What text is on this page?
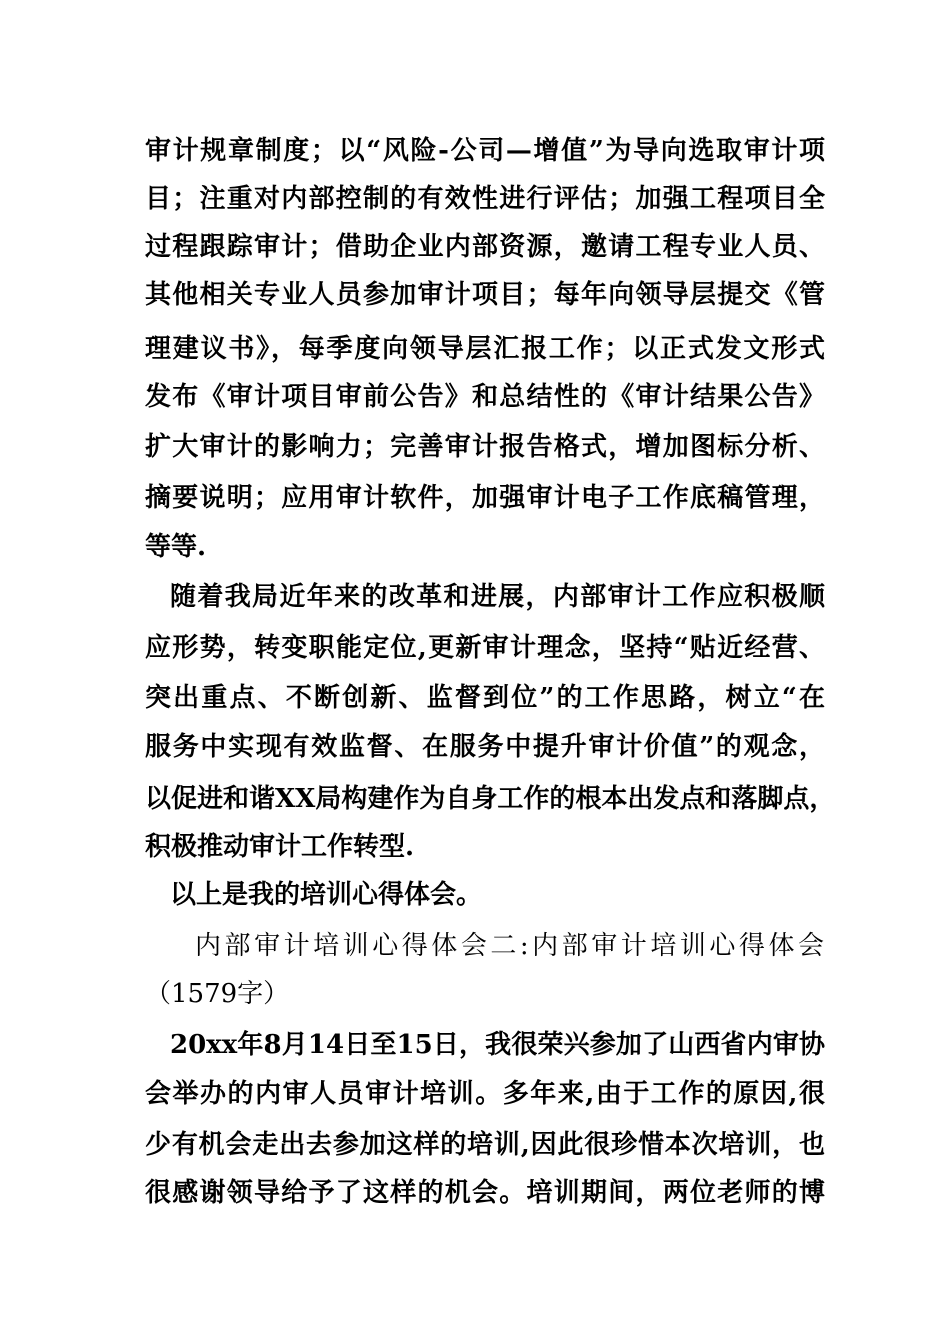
审计规章制度；以“风险-公司—增值”为导向选取审计项
目；注重对内部控制的有效性进行评估；加强工程项目全
过程跟踪审计；借助企业内部资源，邀请工程专业人员、
其他相关专业人员参加审计项目；每年向领导层提交《管
理建议书》，每季度向领导层汇报工作；以正式发文形式
发布《审计项目审前公告》和总结性的《审计结果公告》
扩大审计的影响力；完善审计报告格式，增加图标分析、
摘要说明；应用审计软件，加强审计电子工作底稿管理，
等等.
随着我局近年来的改革和进展，内部审计工作应积极顺
应形势，转变职能定位,更新审计理念，坚持“贴近经营、
突出重点、不断创新、监督到位”的工作思路，树立“在
服务中实现有效监督、在服务中提升审计价值”的观念，
以促进和谐XX局构建作为自身工作的根本出发点和落脚点，
积极推动审计工作转型.
以上是我的培训心得体会。
内部审计培训心得体会二:内部审计培训心得体会
（1579字）
20xx年8月14日至15日，我很荣兴参加了山西省内审协
会举办的内审人员审计培训。多年来,由于工作的原因,很
少有机会走出去参加这样的培训,因此很珍惜本次培训，也
很感谢领导给予了这样的机会。培训期间，两位老师的博
